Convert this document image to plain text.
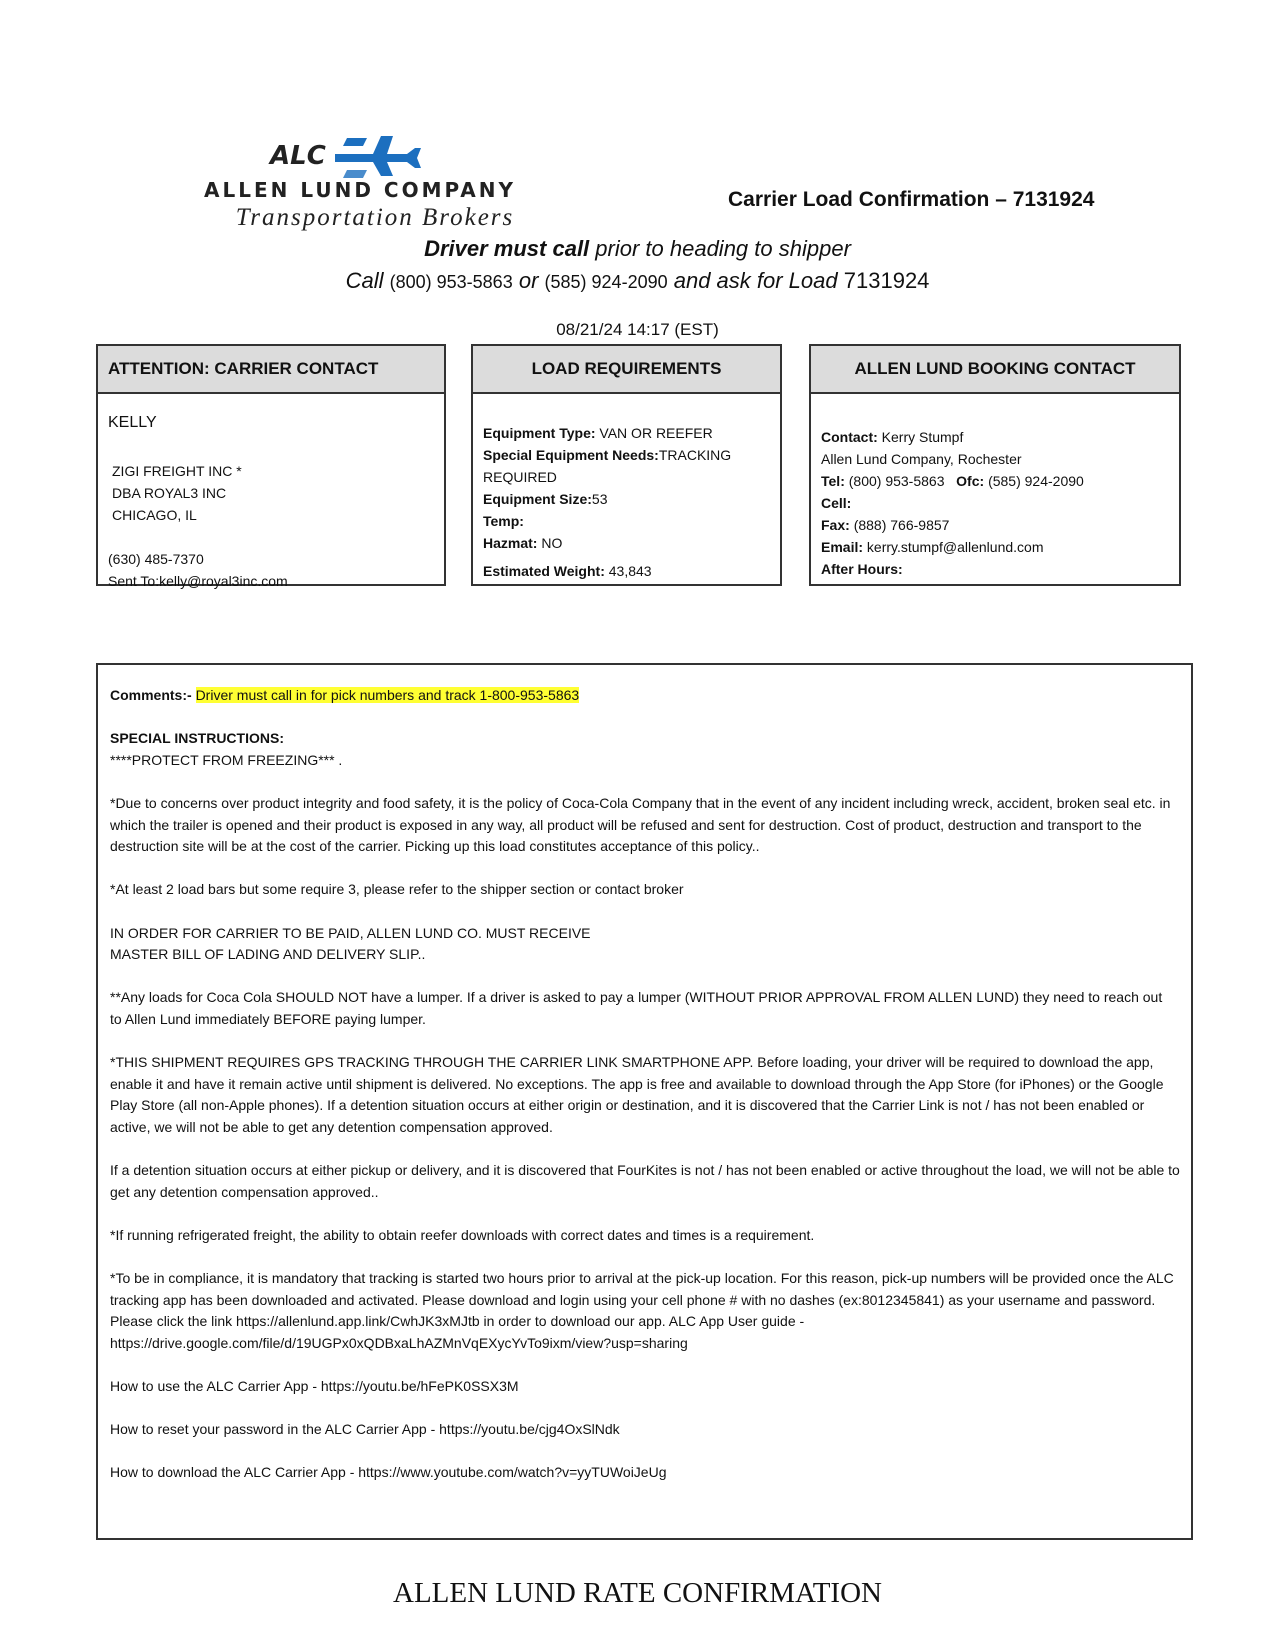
ALC
ALLEN LUND COMPANY
Transportation Brokers
Carrier Load Confirmation – 7131924
Driver must call prior to heading to shipper
Call (800) 953-5863 or (585) 924-2090 and ask for Load 7131924
08/21/24 14:17 (EST)
ATTENTION: CARRIER CONTACT
KELLY
ZIGI FREIGHT INC *
DBA ROYAL3 INC
CHICAGO, IL
(630) 485-7370
Sent To:kelly@royal3inc.com
LOAD REQUIREMENTS
Equipment Type: VAN OR REEFER
Special Equipment Needs:TRACKING
REQUIRED
Equipment Size:53
Temp:
Hazmat: NO
Estimated Weight: 43,843
ALLEN LUND BOOKING CONTACT
Contact: Kerry Stumpf
Allen Lund Company, Rochester
Tel: (800) 953-5863 Ofc: (585) 924-2090
Cell:
Fax: (888) 766-9857
Email: kerry.stumpf@allenlund.com
After Hours:

Comments:- Driver must call in for pick numbers and track 1-800-953-5863

SPECIAL INSTRUCTIONS:

****PROTECT FROM FREEZING*** .

*Due to concerns over product integrity and food safety, it is the policy of Coca-Cola Company that in the event of any incident including wreck, accident, broken seal etc. in which the trailer is opened and their product is exposed in any way, all product will be refused and sent for destruction. Cost of product, destruction and transport to the destruction site will be at the cost of the carrier. Picking up this load constitutes acceptance of this policy..

*At least 2 load bars but some require 3, please refer to the shipper section or contact broker

IN ORDER FOR CARRIER TO BE PAID, ALLEN LUND CO. MUST RECEIVE

MASTER BILL OF LADING AND DELIVERY SLIP..

**Any loads for Coca Cola SHOULD NOT have a lumper. If a driver is asked to pay a lumper (WITHOUT PRIOR APPROVAL FROM ALLEN LUND) they need to reach out

to Allen Lund immediately BEFORE paying lumper.

*THIS SHIPMENT REQUIRES GPS TRACKING THROUGH THE CARRIER LINK SMARTPHONE APP. Before loading, your driver will be required to download the app, enable it and have it remain active until shipment is delivered. No exceptions. The app is free and available to download through the App Store (for iPhones) or the Google Play Store (all non-Apple phones). If a detention situation occurs at either origin or destination, and it is discovered that the Carrier Link is not / has not been enabled or active, we will not be able to get any detention compensation approved.

If a detention situation occurs at either pickup or delivery, and it is discovered that FourKites is not / has not been enabled or active throughout the load, we will not be able to get any detention compensation approved..

*If running refrigerated freight, the ability to obtain reefer downloads with correct dates and times is a requirement.

*To be in compliance, it is mandatory that tracking is started two hours prior to arrival at the pick-up location. For this reason, pick-up numbers will be provided once the ALC tracking app has been downloaded and activated. Please download and login using your cell phone # with no dashes (ex:8012345841) as your username and password. Please click the link https://allenlund.app.link/CwhJK3xMJtb in order to download our app. ALC App User guide - https://drive.google.com/file/d/19UGPx0xQDBxaLhAZMnVqEXycYvTo9ixm/view?usp=sharing

How to use the ALC Carrier App - https://youtu.be/hFePK0SSX3M

How to reset your password in the ALC Carrier App - https://youtu.be/cjg4OxSlNdk

How to download the ALC Carrier App - https://www.youtube.com/watch?v=yyTUWoiJeUg

ALLEN LUND RATE CONFIRMATION
